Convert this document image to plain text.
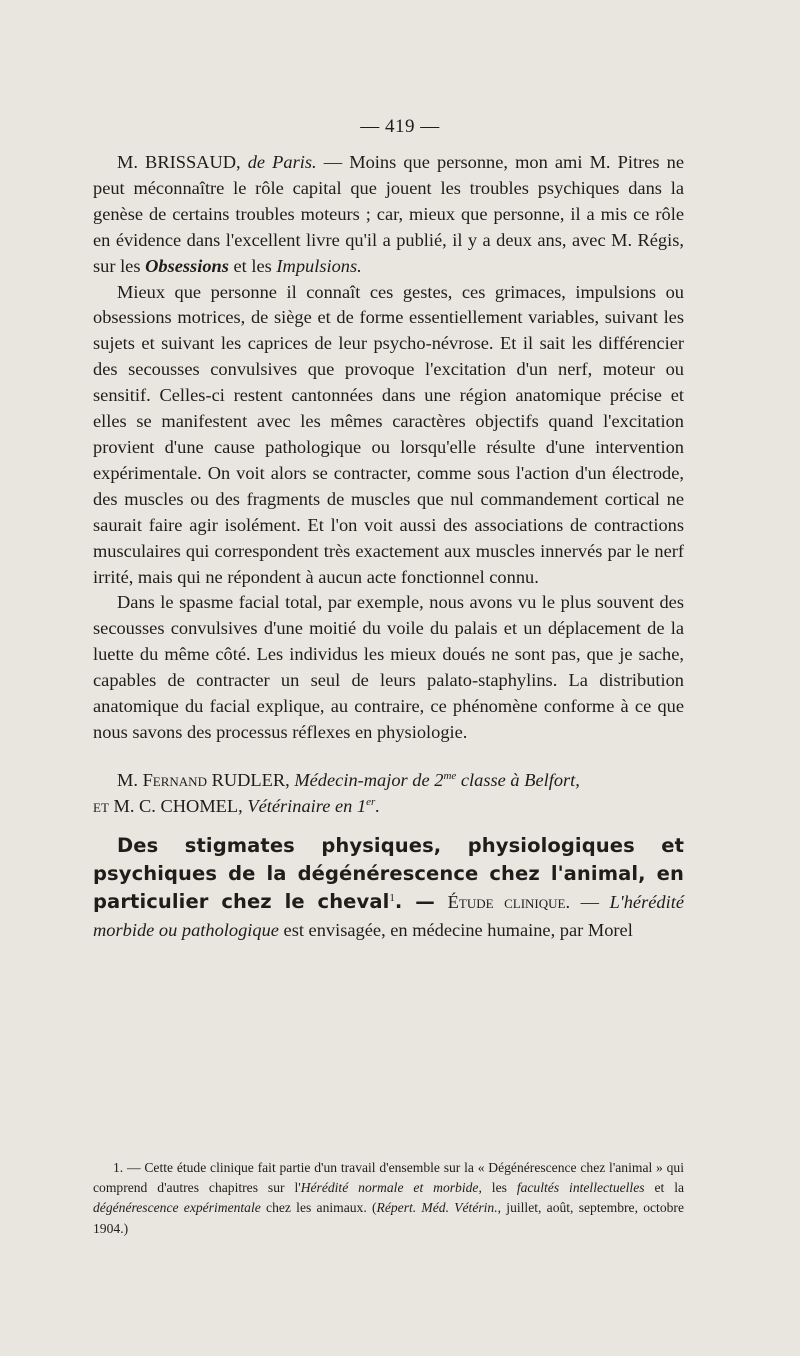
— 419 —

M. BRISSAUD, de Paris. — Moins que personne, mon ami M. Pitres ne peut méconnaître le rôle capital que jouent les troubles psychiques dans la genèse de certains troubles moteurs ; car, mieux que personne, il a mis ce rôle en évidence dans l'excellent livre qu'il a publié, il y a deux ans, avec M. Régis, sur les Obsessions et les Impulsions.

Mieux que personne il connaît ces gestes, ces grimaces, impulsions ou obsessions motrices, de siège et de forme essentiellement variables, suivant les sujets et suivant les caprices de leur psycho-névrose. Et il sait les différencier des secousses convulsives que provoque l'excitation d'un nerf, moteur ou sensitif. Celles-ci restent cantonnées dans une région anatomique précise et elles se manifestent avec les mêmes caractères objectifs quand l'excitation provient d'une cause pathologique ou lorsqu'elle résulte d'une intervention expérimentale. On voit alors se contracter, comme sous l'action d'un électrode, des muscles ou des fragments de muscles que nul commandement cortical ne saurait faire agir isolément. Et l'on voit aussi des associations de contractions musculaires qui correspondent très exactement aux muscles innervés par le nerf irrité, mais qui ne répondent à aucun acte fonctionnel connu.

Dans le spasme facial total, par exemple, nous avons vu le plus souvent des secousses convulsives d'une moitié du voile du palais et un déplacement de la luette du même côté. Les individus les mieux doués ne sont pas, que je sache, capables de contracter un seul de leurs palato-staphylins. La distribution anatomique du facial explique, au contraire, ce phénomène conforme à ce que nous savons des processus réflexes en physiologie.

M. Fernand RUDLER, Médecin-major de $2^{me}$ classe à Belfort,
et M. C. CHOMEL, Vétérinaire en 1er.

Des stigmates physiques, physiologiques et psychiques de la dégénérescence chez l'animal, en particulier chez le cheval$^1$. — Étude clinique. — L'hérédité morbide ou pathologique est envisagée, en médecine humaine, par Morel

1. — Cette étude clinique fait partie d'un travail d'ensemble sur la « Dégénérescence chez l'animal » qui comprend d'autres chapitres sur l'Hérédité normale et morbide, les facultés intellectuelles et la dégénérescence expérimentale chez les animaux. (Répert. Méd. Vétérin., juillet, août, septembre, octobre 1904.)
